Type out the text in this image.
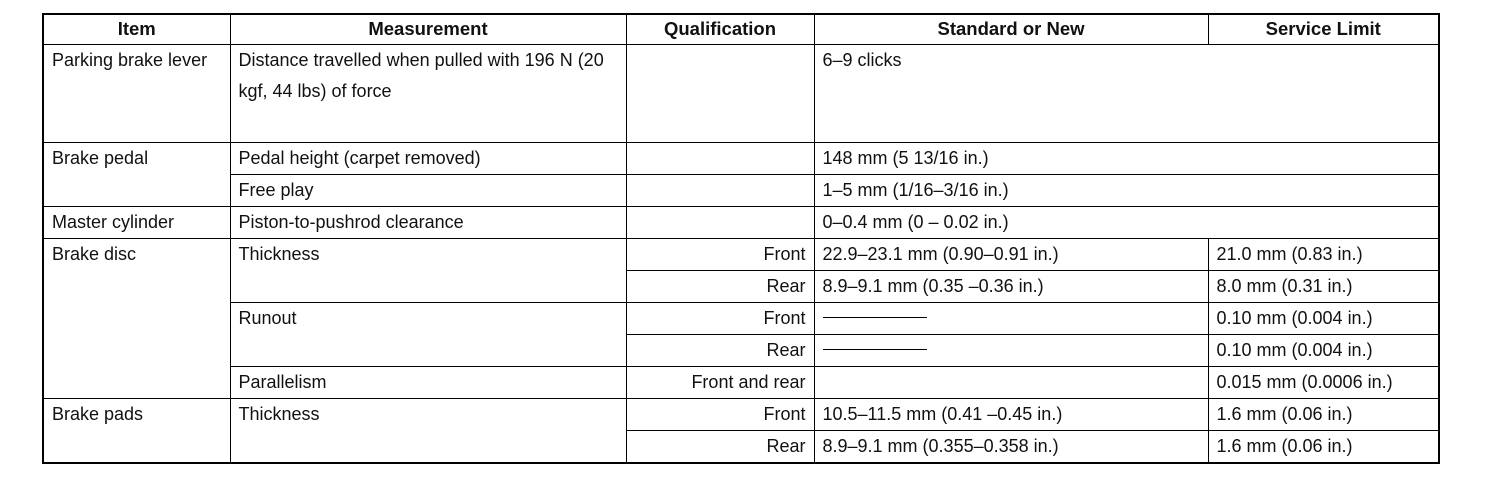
Item	Measurement	Qualification	Standard or New	Service Limit
Parking brake lever	Distance travelled when pulled with 196 N (20 kgf, 44 lbs) of force		6–9 clicks	
Brake pedal	Pedal height (carpet removed)		148 mm (5 13/16 in.)	
	Free play		1–5 mm (1/16–3/16 in.)	
Master cylinder	Piston-to-pushrod clearance		0–0.4 mm (0 – 0.02 in.)	
Brake disc	Thickness	Front	22.9–23.1 mm (0.90–0.91 in.)	21.0 mm (0.83 in.)
		Rear	8.9–9.1 mm (0.35 –0.36 in.)	8.0 mm (0.31 in.)
	Runout	Front		0.10 mm (0.004 in.)
		Rear		0.10 mm (0.004 in.)
	Parallelism	Front and rear		0.015 mm (0.0006 in.)
Brake pads	Thickness	Front	10.5–11.5 mm (0.41 –0.45 in.)	1.6 mm (0.06 in.)
		Rear	8.9–9.1 mm (0.355–0.358 in.)	1.6 mm (0.06 in.)
